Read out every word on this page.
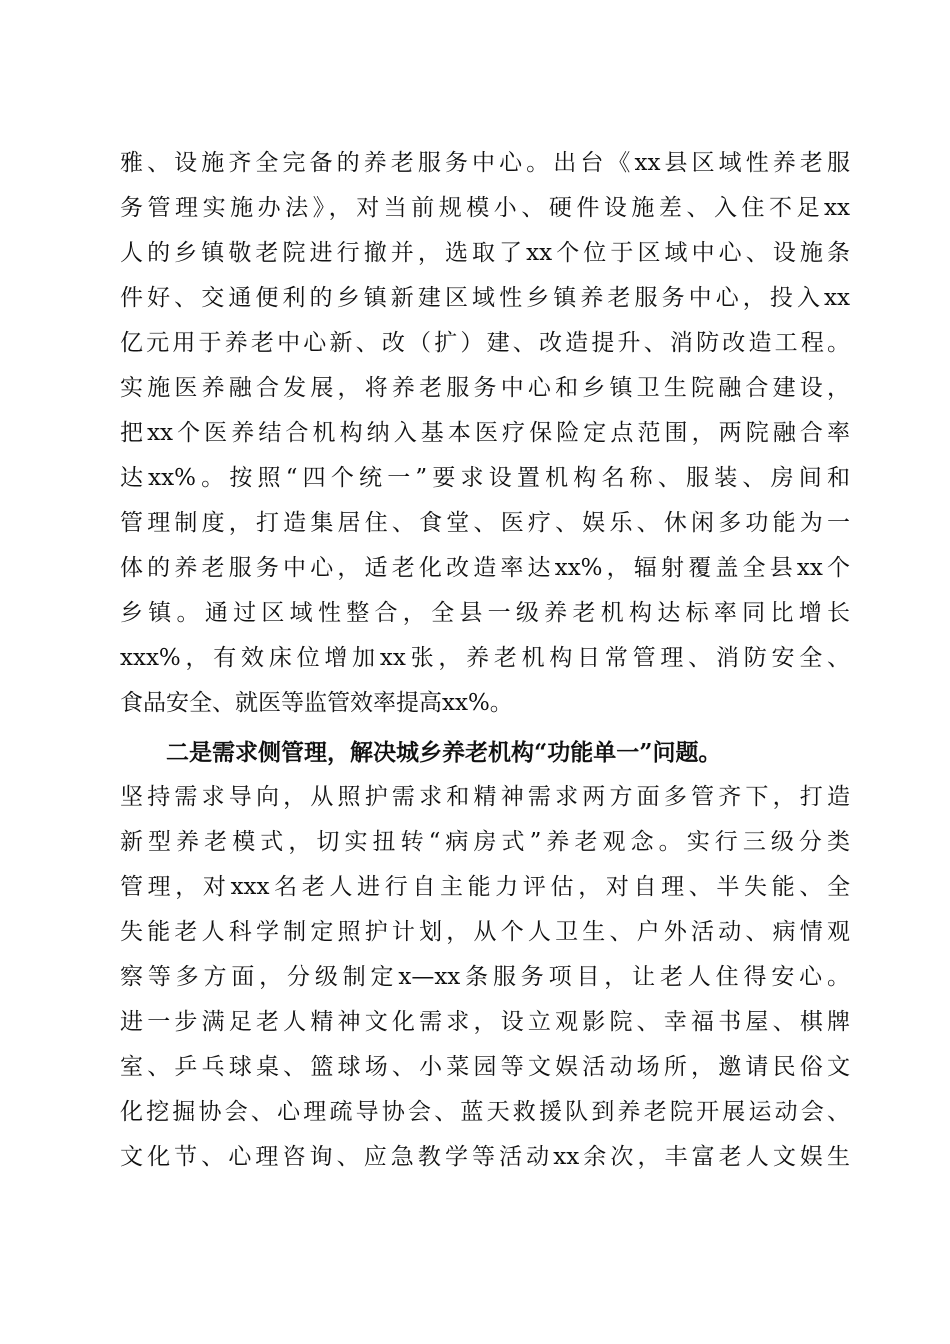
雅、设施齐全完备的养老服务中心。出台《xx县区域性养老服
务管理实施办法》，对当前规模小、硬件设施差、入住不足xx
人的乡镇敬老院进行撤并，选取了xx个位于区域中心、设施条
件好、交通便利的乡镇新建区域性乡镇养老服务中心，投入xx
亿元用于养老中心新、改（扩）建、改造提升、消防改造工程。
实施医养融合发展，将养老服务中心和乡镇卫生院融合建设，
把xx个医养结合机构纳入基本医疗保险定点范围，两院融合率
达xx%。按照“四个统一”要求设置机构名称、服装、房间和
管理制度，打造集居住、食堂、医疗、娱乐、休闲多功能为一
体的养老服务中心，适老化改造率达xx%，辐射覆盖全县xx个
乡镇。通过区域性整合，全县一级养老机构达标率同比增长
xxx%，有效床位增加xx张，养老机构日常管理、消防安全、
食品安全、就医等监管效率提高xx%。
二是需求侧管理，解决城乡养老机构“功能单一”问题。
坚持需求导向，从照护需求和精神需求两方面多管齐下，打造
新型养老模式，切实扭转“病房式”养老观念。实行三级分类
管理，对xxx名老人进行自主能力评估，对自理、半失能、全
失能老人科学制定照护计划，从个人卫生、户外活动、病情观
察等多方面，分级制定x—xx条服务项目，让老人住得安心。
进一步满足老人精神文化需求，设立观影院、幸福书屋、棋牌
室、乒乓球桌、篮球场、小菜园等文娱活动场所，邀请民俗文
化挖掘协会、心理疏导协会、蓝天救援队到养老院开展运动会、
文化节、心理咨询、应急教学等活动xx余次，丰富老人文娱生
